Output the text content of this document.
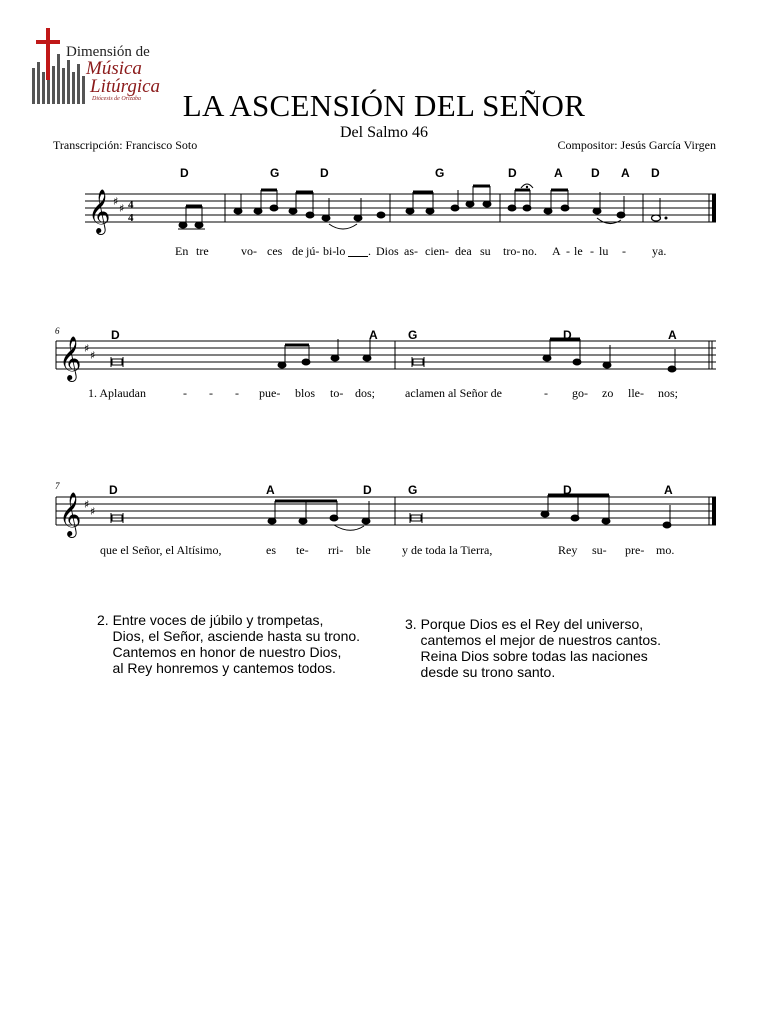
Dimensión de
Música
Litúrgica
Diócesis de Orizaba	LA ASCENSIÓN DEL SEÑOR
Del Salmo 46
Transcripción: Francisco Soto	Compositor: Jesús García Virgen
𝄞 ♯
♯ 4
4
D	G	D	G	D	A D A D
En tre	vo- ces de jú- bi- lo . Dios as- cien- dea su tro- no. A - le - lu - ya.
6
𝄞 ♯
♯
D	A	G	D	A
1. Aplaudan	- - - pue- blos to- dos; aclamen al Señor de	- go- zo lle- nos;
7
𝄞 ♯
♯
D	A	D	G	D	A
que el Señor, el Altísimo,	es te- rri- ble	y de toda la Tierra,	Rey su- pre- mo.
2. Entre voces de júbilo y trompetas,
Dios, el Señor, asciende hasta su trono.
Cantemos en honor de nuestro Dios,
al Rey honremos y cantemos todos.
3. Porque Dios es el Rey del universo,
cantemos el mejor de nuestros cantos.
Reina Dios sobre todas las naciones
desde su trono santo.
